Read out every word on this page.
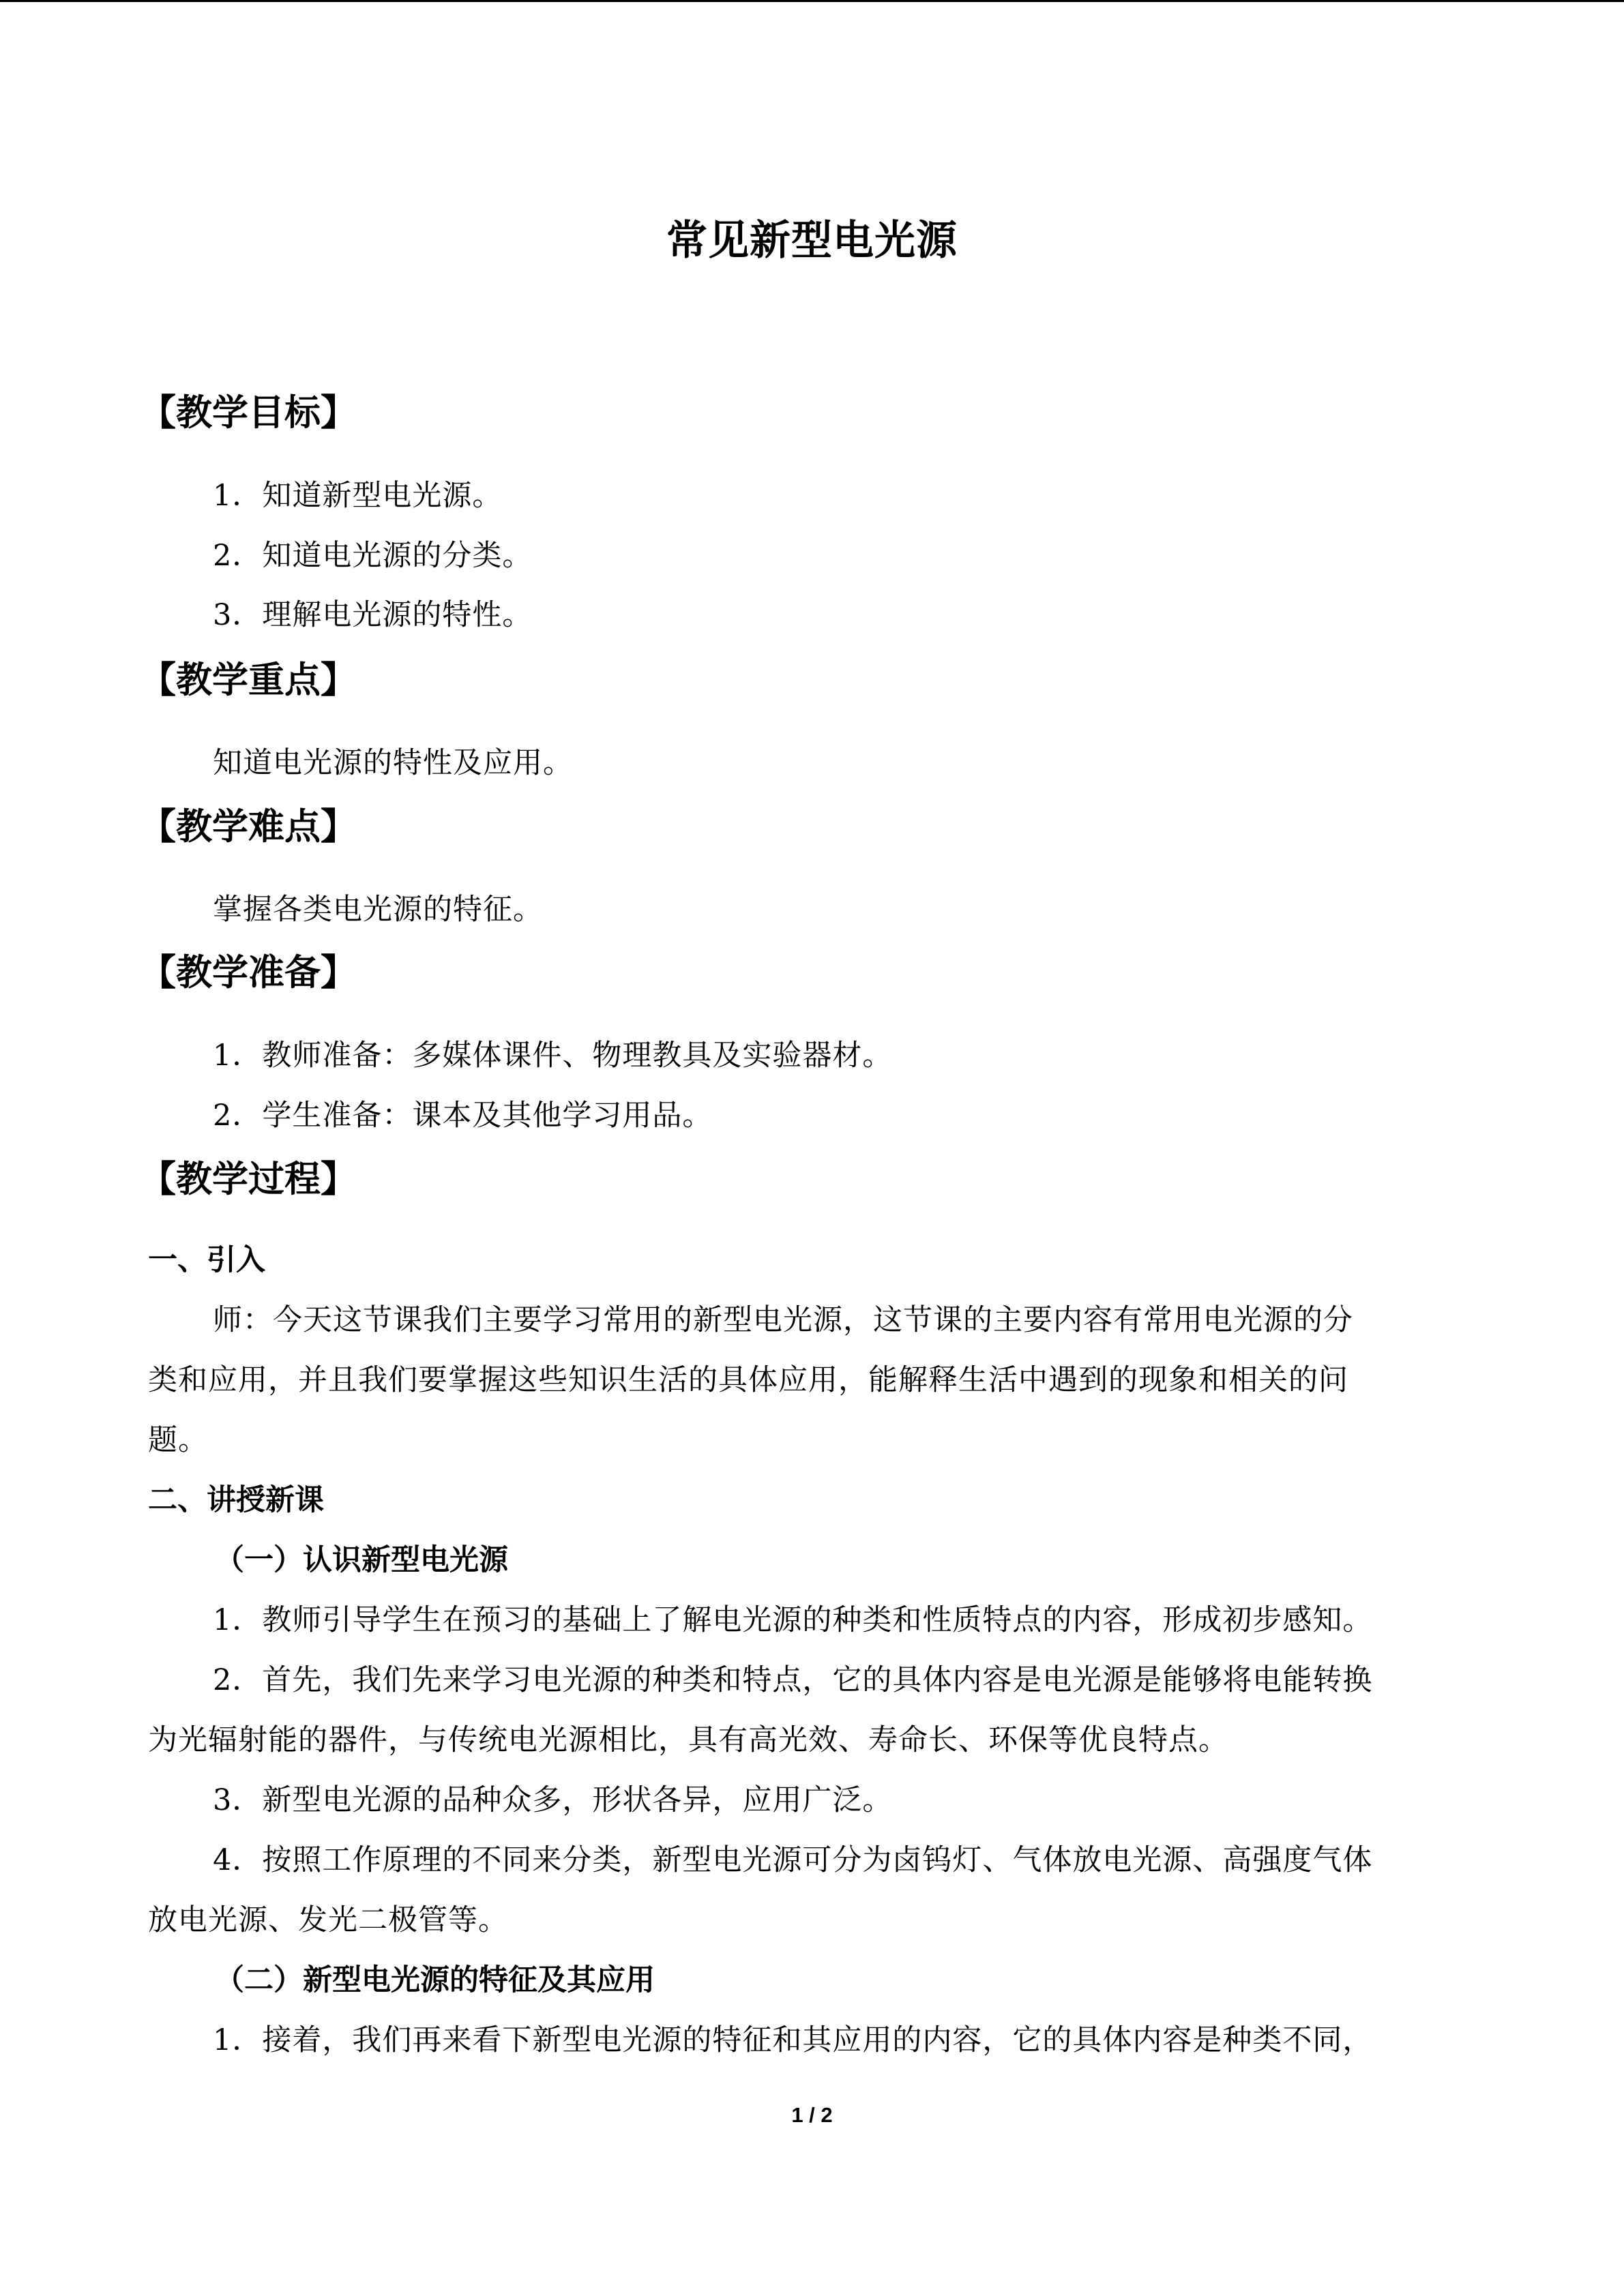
常见新型电光源
【教学目标】
1．知道新型电光源。
2．知道电光源的分类。
3．理解电光源的特性。
【教学重点】
知道电光源的特性及应用。
【教学难点】
掌握各类电光源的特征。
【教学准备】
1．教师准备：多媒体课件、物理教具及实验器材。
2．学生准备：课本及其他学习用品。
【教学过程】
一、引入
师：今天这节课我们主要学习常用的新型电光源，这节课的主要内容有常用电光源的分
类和应用，并且我们要掌握这些知识生活的具体应用，能解释生活中遇到的现象和相关的问
题。
二、讲授新课
（一）认识新型电光源
1．教师引导学生在预习的基础上了解电光源的种类和性质特点的内容，形成初步感知。
2．首先，我们先来学习电光源的种类和特点，它的具体内容是电光源是能够将电能转换
为光辐射能的器件，与传统电光源相比，具有高光效、寿命长、环保等优良特点。
3．新型电光源的品种众多，形状各异，应用广泛。
4．按照工作原理的不同来分类，新型电光源可分为卤钨灯、气体放电光源、高强度气体
放电光源、发光二极管等。
（二）新型电光源的特征及其应用
1．接着，我们再来看下新型电光源的特征和其应用的内容，它的具体内容是种类不同，
1 / 2
